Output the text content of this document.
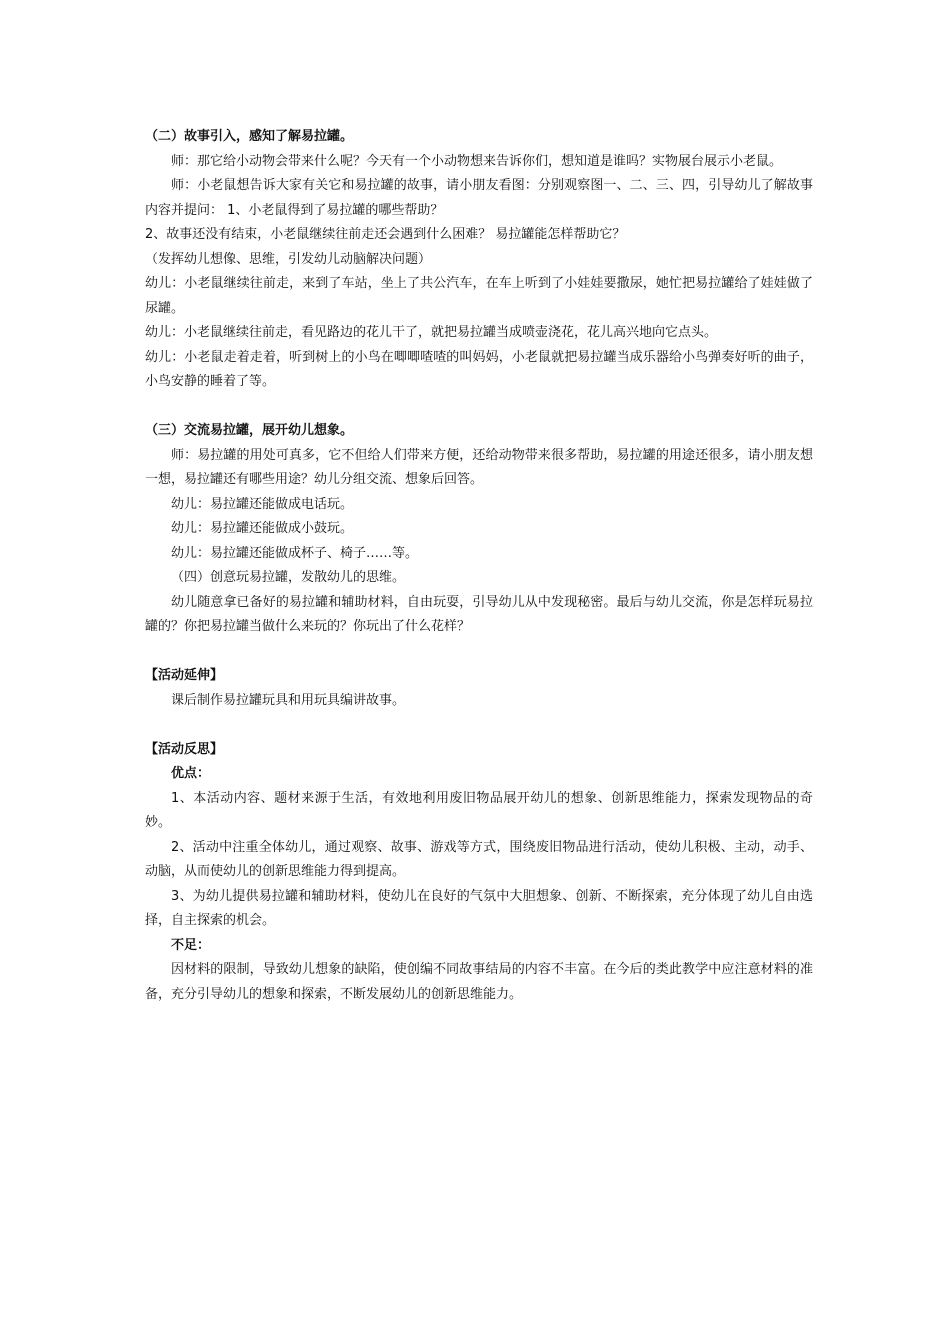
（二）故事引入，感知了解易拉罐。

师：那它给小动物会带来什么呢？今天有一个小动物想来告诉你们，想知道是谁吗？实物展台展示小老鼠。

师：小老鼠想告诉大家有关它和易拉罐的故事，请小朋友看图：分别观察图一、二、三、四，引导幼儿了解故事内容并提问： 1、小老鼠得到了易拉罐的哪些帮助？

2、故事还没有结束，小老鼠继续往前走还会遇到什么困难？ 易拉罐能怎样帮助它？

（发挥幼儿想像、思维，引发幼儿动脑解决问题）

幼儿：小老鼠继续往前走，来到了车站，坐上了共公汽车，在车上听到了小娃娃要撒尿，她忙把易拉罐给了娃娃做了尿罐。

幼儿：小老鼠继续往前走，看见路边的花儿干了，就把易拉罐当成喷壶浇花，花儿高兴地向它点头。

幼儿：小老鼠走着走着，听到树上的小鸟在唧唧喳喳的叫妈妈，小老鼠就把易拉罐当成乐器给小鸟弹奏好听的曲子，小鸟安静的睡着了等。

（三）交流易拉罐，展开幼儿想象。

师：易拉罐的用处可真多，它不但给人们带来方便，还给动物带来很多帮助，易拉罐的用途还很多，请小朋友想一想，易拉罐还有哪些用途？幼儿分组交流、想象后回答。

幼儿：易拉罐还能做成电话玩。

幼儿：易拉罐还能做成小鼓玩。

幼儿：易拉罐还能做成杯子、椅子……等。

（四）创意玩易拉罐，发散幼儿的思维。

幼儿随意拿已备好的易拉罐和辅助材料，自由玩耍，引导幼儿从中发现秘密。最后与幼儿交流，你是怎样玩易拉罐的？你把易拉罐当做什么来玩的？你玩出了什么花样？

【活动延伸】

课后制作易拉罐玩具和用玩具编讲故事。

【活动反思】

优点：

1、本活动内容、题材来源于生活，有效地利用废旧物品展开幼儿的想象、创新思维能力，探索发现物品的奇妙。

2、活动中注重全体幼儿，通过观察、故事、游戏等方式，围绕废旧物品进行活动，使幼儿积极、主动，动手、动脑，从而使幼儿的创新思维能力得到提高。

3、为幼儿提供易拉罐和辅助材料，使幼儿在良好的气氛中大胆想象、创新、不断探索，充分体现了幼儿自由选择，自主探索的机会。

不足：

因材料的限制，导致幼儿想象的缺陷，使创编不同故事结局的内容不丰富。在今后的类此教学中应注意材料的准备，充分引导幼儿的想象和探索，不断发展幼儿的创新思维能力。
